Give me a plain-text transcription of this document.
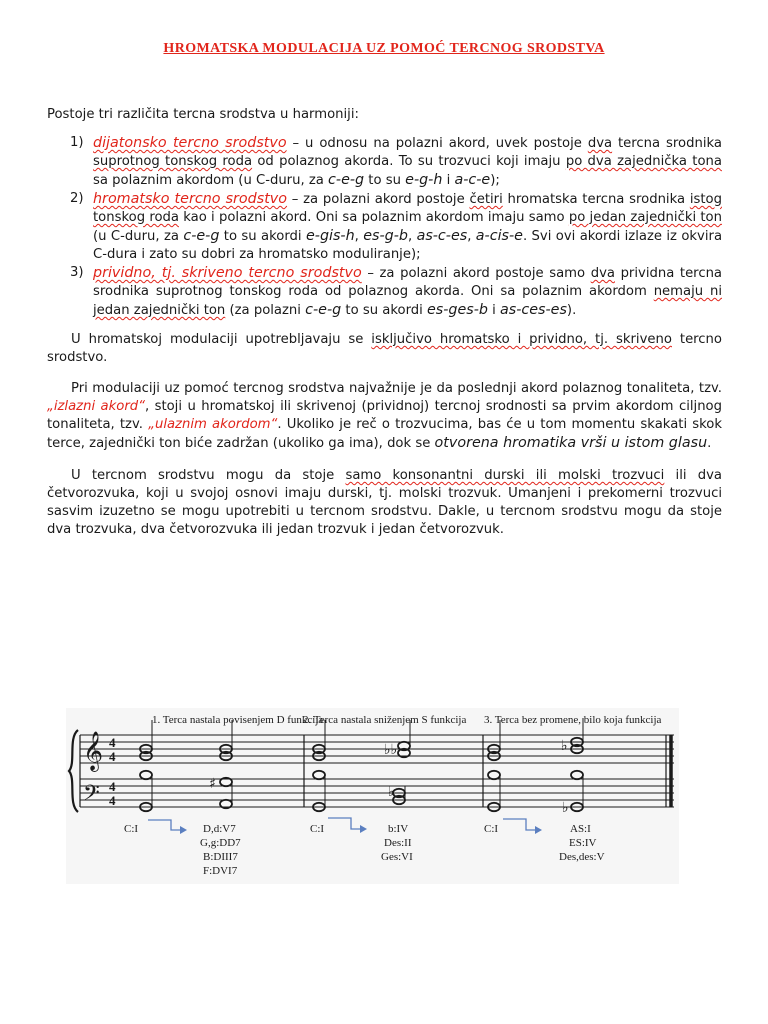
HROMATSKA MODULACIJA UZ POMOĆ TERCNOG SRODSTVA
Postoje tri različita tercna srodstva u harmoniji:
1) dijatonsko tercno srodstvo – u odnosu na polazni akord, uvek postoje dva tercna srodnika suprotnog tonskog roda od polaznog akorda. To su trozvuci koji imaju po dva zajednička tona sa polaznim akordom (u C-duru, za c-e-g to su e-g-h i a-c-e);
2) hromatsko tercno srodstvo – za polazni akord postoje četiri hromatska tercna srodnika istog tonskog roda kao i polazni akord. Oni sa polaznim akordom imaju samo po jedan zajednički ton (u C-duru, za c-e-g to su akordi e-gis-h, es-g-b, as-c-es, a-cis-e. Svi ovi akordi izlaze iz okvira C-dura i zato su dobri za hromatsko moduliranje);
3) prividno, tj. skriveno tercno srodstvo – za polazni akord postoje samo dva prividna tercna srodnika suprotnog tonskog roda od polaznog akorda. Oni sa polaznim akordom nemaju ni jedan zajednički ton (za polazni c-e-g to su akordi es-ges-b i as-ces-es).
U hromatskoj modulaciji upotrebljavaju se isključivo hromatsko i prividno, tj. skriveno tercno srodstvo.
Pri modulaciji uz pomoć tercnog srodstva najvažnije je da poslednji akord polaznog tonaliteta, tzv. „izlazni akord“, stoji u hromatskoj ili skrivenoj (prividnoj) tercnoj srodnosti sa prvim akordom ciljnog tonaliteta, tzv. „ulaznim akordom“. Ukoliko je reč o trozvucima, bas će u tom momentu skakati skok terce, zajednički ton biće zadržan (ukoliko ga ima), dok se otvorena hromatika vrši u istom glasu.
U tercnom srodstvu mogu da stoje samo konsonantni durski ili molski trozvuci ili dva četvorozvuka, koji u svojoj osnovi imaju durski, tj. molski trozvuk. Umanjeni i prekomerni trozvuci sasvim izuzetno se mogu upotrebiti u tercnom srodstvu. Dakle, u tercnom srodstvu mogu da stoje dva trozvuka, dva četvorozvuka ili jedan trozvuk i jedan četvorozvuk.
1. Terca nastala povisenjem D funkcija
2. Terca nastala sniženjem S funkcija 3. Terca bez promene, bilo koja funkcija
𝄞
𝄢
4
4
4
4
♯
♭♭
♭
♭
♭
C:I	D,d:V7
G,g:DD7
B:DIII7
F:DVI7
C:I	b:IV
Des:II
Ges:VI
C:I	AS:I
ES:IV
Des,des:V
